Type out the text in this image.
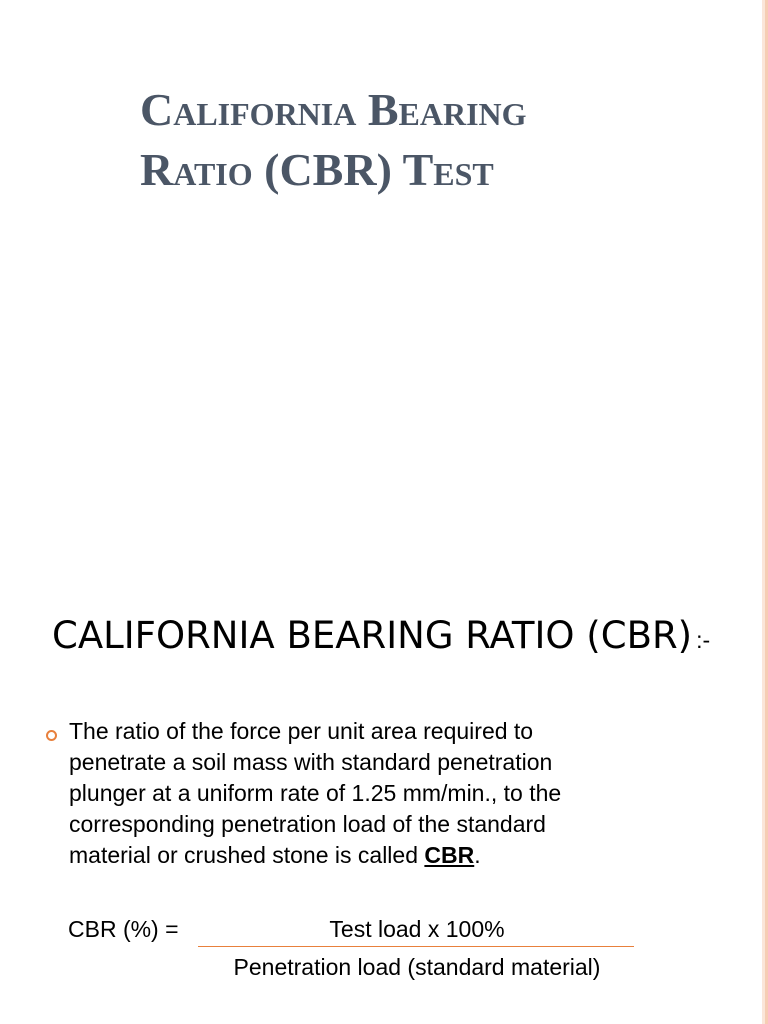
California Bearing
Ratio (CBR) Test
CALIFORNIA BEARING RATIO (CBR) :-
The ratio of the force per unit area required to
penetrate a soil mass with standard penetration
plunger at a uniform rate of 1.25 mm/min., to the
corresponding penetration load of the standard
material or crushed stone is called CBR.
CBR (%) =	Test load x 100%
Penetration load (standard material)
